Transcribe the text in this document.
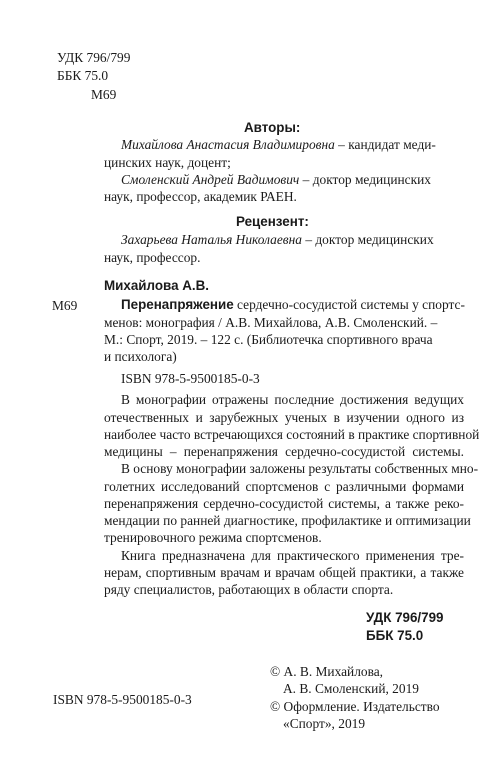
УДК 796/799
ББК 75.0
М69
Авторы:
Михайлова Анастасия Владимировна – кандидат меди-
цинских наук, доцент;
Смоленский Андрей Вадимович – доктор медицинских
наук, профессор, академик РАЕН.
Рецензент:
Захарьева Наталья Николаевна – доктор медицинских
наук, профессор.
Михайлова А.В.
М69	Перенапряжение сердечно-сосудистой системы у спортс-
менов: монография / А.В. Михайлова, А.В. Смоленский. –
М.: Спорт, 2019. – 122 с. (Библиотечка спортивного врача
и психолога)
ISBN 978-5-9500185-0-3
В монографии отражены последние достижения ведущих
отечественных и зарубежных ученых в изучении одного из
наиболее часто встречающихся состояний в практике спортивной
медицины – перенапряжения сердечно-сосудистой системы.
В основу монографии заложены результаты собственных мно-
голетних исследований спортсменов с различными формами
перенапряжения сердечно-сосудистой системы, а также реко-
мендации по ранней диагностике, профилактике и оптимизации
тренировочного режима спортсменов.
Книга предназначена для практического применения тре-
нерам, спортивным врачам и врачам общей практики, а также
ряду специалистов, работающих в области спорта.
УДК 796/799
ББК 75.0
© А. В. Михайлова,
А. В. Смоленский, 2019
© Оформление. Издательство
«Спорт», 2019
ISBN 978-5-9500185-0-3
